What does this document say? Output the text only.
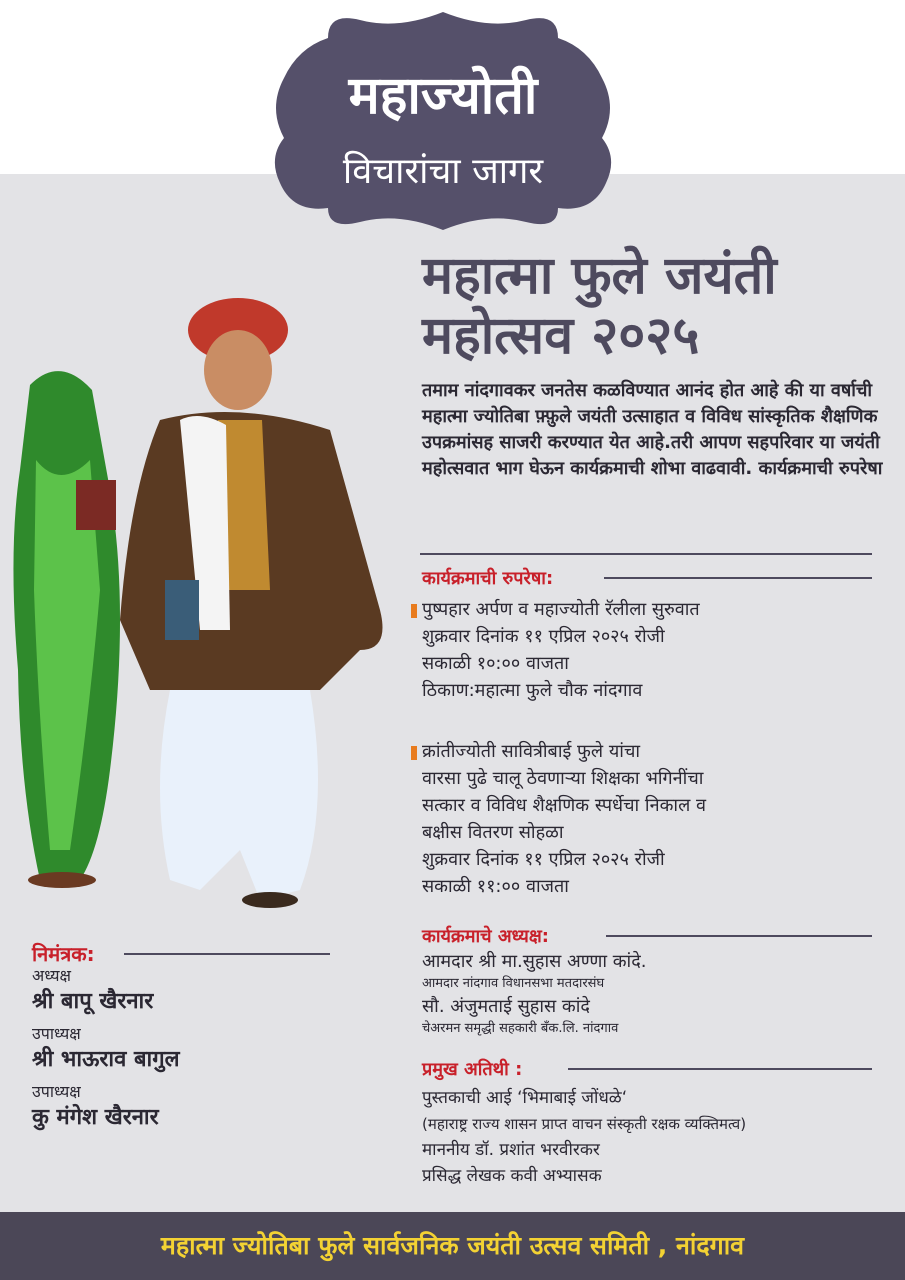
महाज्योती
विचारांचा जागर
महात्मा फुले जयंती
महोत्सव २०२५
तमाम नांदगावकर जनतेस कळविण्यात आनंद होत आहे की या वर्षाची महात्मा ज्योतिबा फ़्फ़ुले जयंती उत्साहात व विविध सांस्कृतिक शैक्षणिक उपक्रमांसह साजरी करण्यात येत आहे.तरी आपण सहपरिवार या जयंती महोत्सवात भाग घेऊन कार्यक्रमाची शोभा वाढवावी. कार्यक्रमाची रुपरेषा
कार्यक्रमाची रुपरेषा:
पुष्पहार अर्पण व महाज्योती रॅलीला सुरुवात
शुक्रवार दिनांक ११ एप्रिल २०२५ रोजी
सकाळी १०:०० वाजता
ठिकाण:महात्मा फुले चौक नांदगाव
क्रांतीज्योती सावित्रीबाई फुले यांचा
वारसा पुढे चालू ठेवणाऱ्या शिक्षका भगिनींचा
सत्कार व विविध शैक्षणिक स्पर्धेचा निकाल व
बक्षीस वितरण सोहळा
शुक्रवार दिनांक ११ एप्रिल २०२५ रोजी
सकाळी ११:०० वाजता
कार्यक्रमाचे अध्यक्ष:
आमदार श्री मा.सुहास अण्णा कांदे.
आमदार नांदगाव विधानसभा मतदारसंघ
सौ. अंजुमताई सुहास कांदे
चेअरमन समृद्धी सहकारी बँक.लि. नांदगाव
प्रमुख अतिथी :
पुस्तकाची आई ‘भिमाबाई जोंधळे‘
(महाराष्ट्र राज्य शासन प्राप्त वाचन संस्कृती रक्षक व्यक्तिमत्व)
माननीय डॉ. प्रशांत भरवीरकर
प्रसिद्ध लेखक कवी अभ्यासक
निमंत्रक:
अध्यक्ष
श्री बापू खैरनार
उपाध्यक्ष
श्री भाऊराव बागुल
उपाध्यक्ष
कु मंगेश खैरनार
महात्मा ज्योतिबा फुले सार्वजनिक जयंती उत्सव समिती , नांदगाव
